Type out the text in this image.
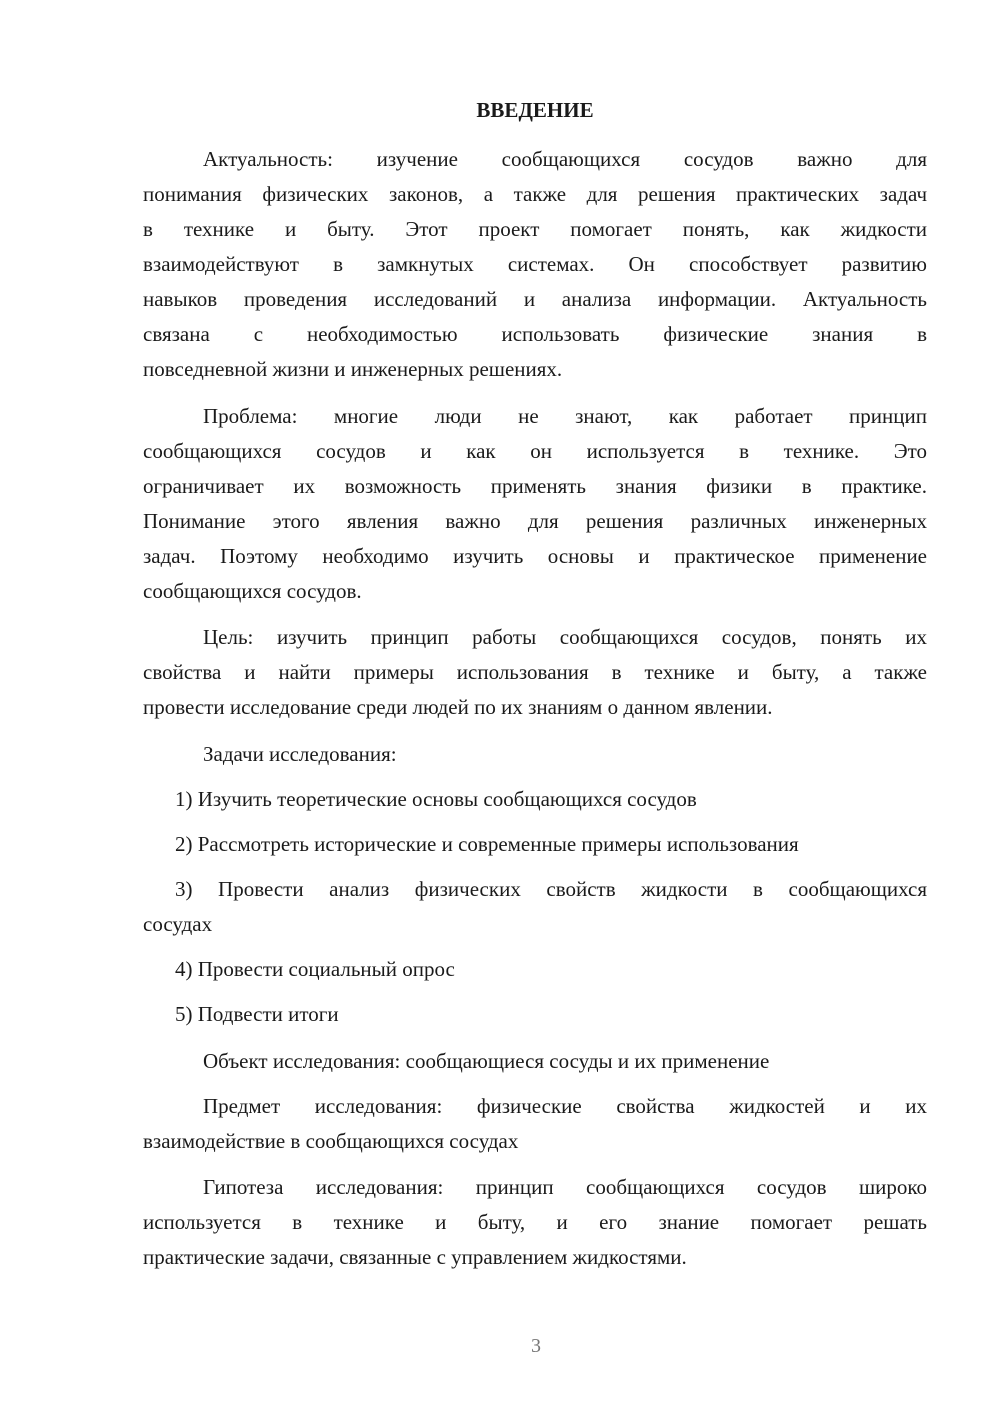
ВВЕДЕНИЕ
Актуальность: изучение сообщающихся сосудов важно для
понимания физических законов, а также для решения практических задач
в технике и быту. Этот проект помогает понять, как жидкости
взаимодействуют в замкнутых системах. Он способствует развитию
навыков проведения исследований и анализа информации. Актуальность
связана с необходимостью использовать физические знания в
повседневной жизни и инженерных решениях.
Проблема: многие люди не знают, как работает принцип
сообщающихся сосудов и как он используется в технике. Это
ограничивает их возможность применять знания физики в практике.
Понимание этого явления важно для решения различных инженерных
задач. Поэтому необходимо изучить основы и практическое применение
сообщающихся сосудов.
Цель: изучить принцип работы сообщающихся сосудов, понять их
свойства и найти примеры использования в технике и быту, а также
провести исследование среди людей по их знаниям о данном явлении.
Задачи исследования:
1) Изучить теоретические основы сообщающихся сосудов
2) Рассмотреть исторические и современные примеры использования
3) Провести анализ физических свойств жидкости в сообщающихся
сосудах
4) Провести социальный опрос
5) Подвести итоги
Объект исследования: сообщающиеся сосуды и их применение
Предмет исследования: физические свойства жидкостей и их
взаимодействие в сообщающихся сосудах
Гипотеза исследования: принцип сообщающихся сосудов широко
используется в технике и быту, и его знание помогает решать
практические задачи, связанные с управлением жидкостями.
3
